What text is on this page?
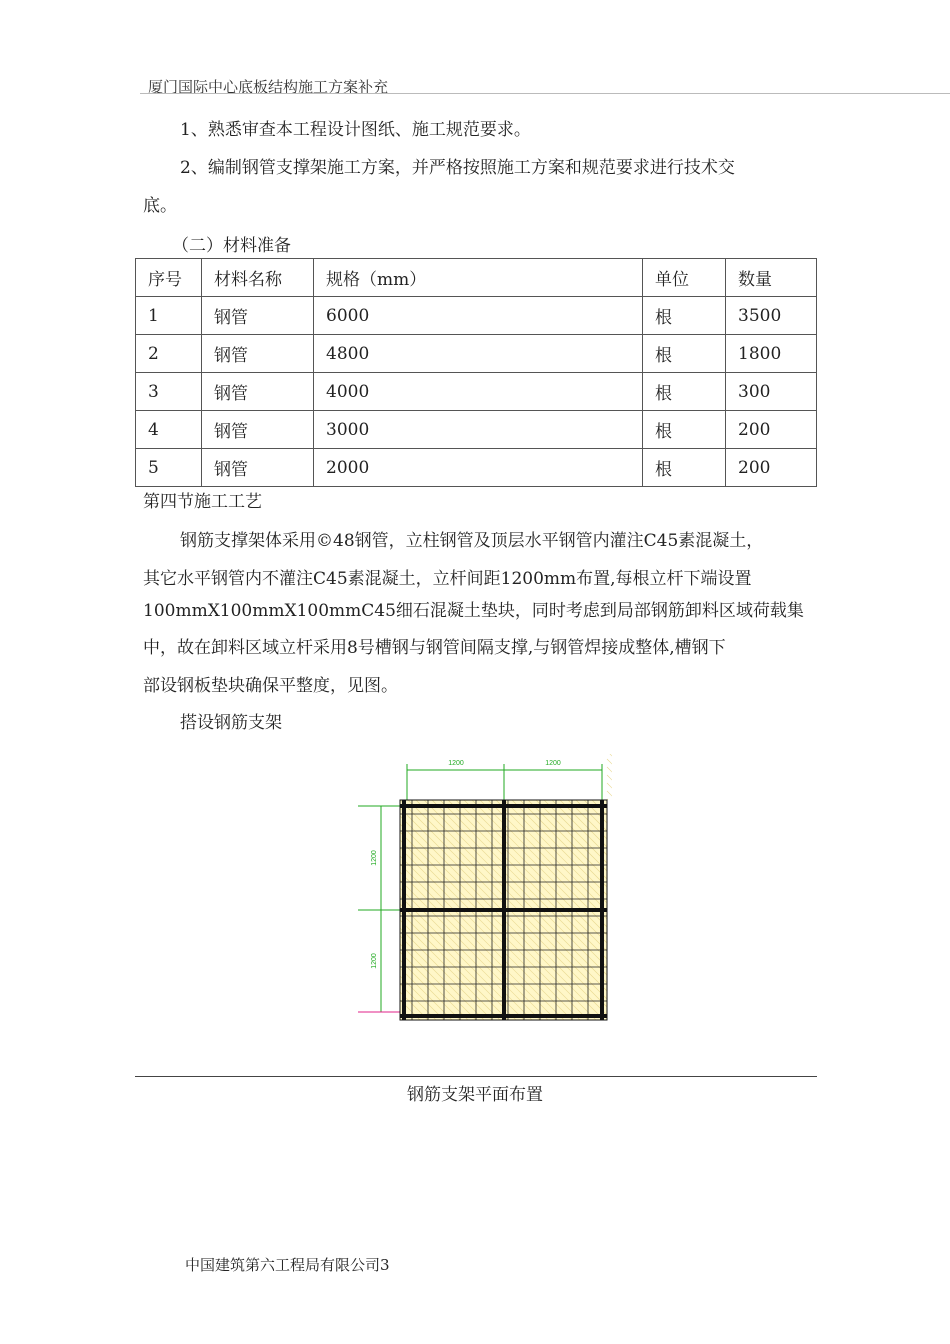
厦门国际中心底板结构施工方案补充
1、熟悉审查本工程设计图纸、施工规范要求。
2、编制钢管支撑架施工方案，并严格按照施工方案和规范要求进行技术交
底。
（二）材料准备
序号	材料名称	规格（mm）	单位	数量
1	钢管	6000	根	3500
2	钢管	4800	根	1800
3	钢管	4000	根	300
4	钢管	3000	根	200
5	钢管	2000	根	200
第四节施工工艺
钢筋支撑架体采用©48钢管，立柱钢管及顶层水平钢管内灌注C45素混凝土，
其它水平钢管内不灌注C45素混凝土，立杆间距1200mm布置,每根立杆下端设置
100mmX100mmX100mmC45细石混凝土垫块，同时考虑到局部钢筋卸料区域荷载集
中，故在卸料区域立杆采用8号槽钢与钢管间隔支撑,与钢管焊接成整体,槽钢下
部设钢板垫块确保平整度，见图。
搭设钢筋支架
1200	1200
1200
1200
钢筋支架平面布置
中国建筑第六工程局有限公司3
